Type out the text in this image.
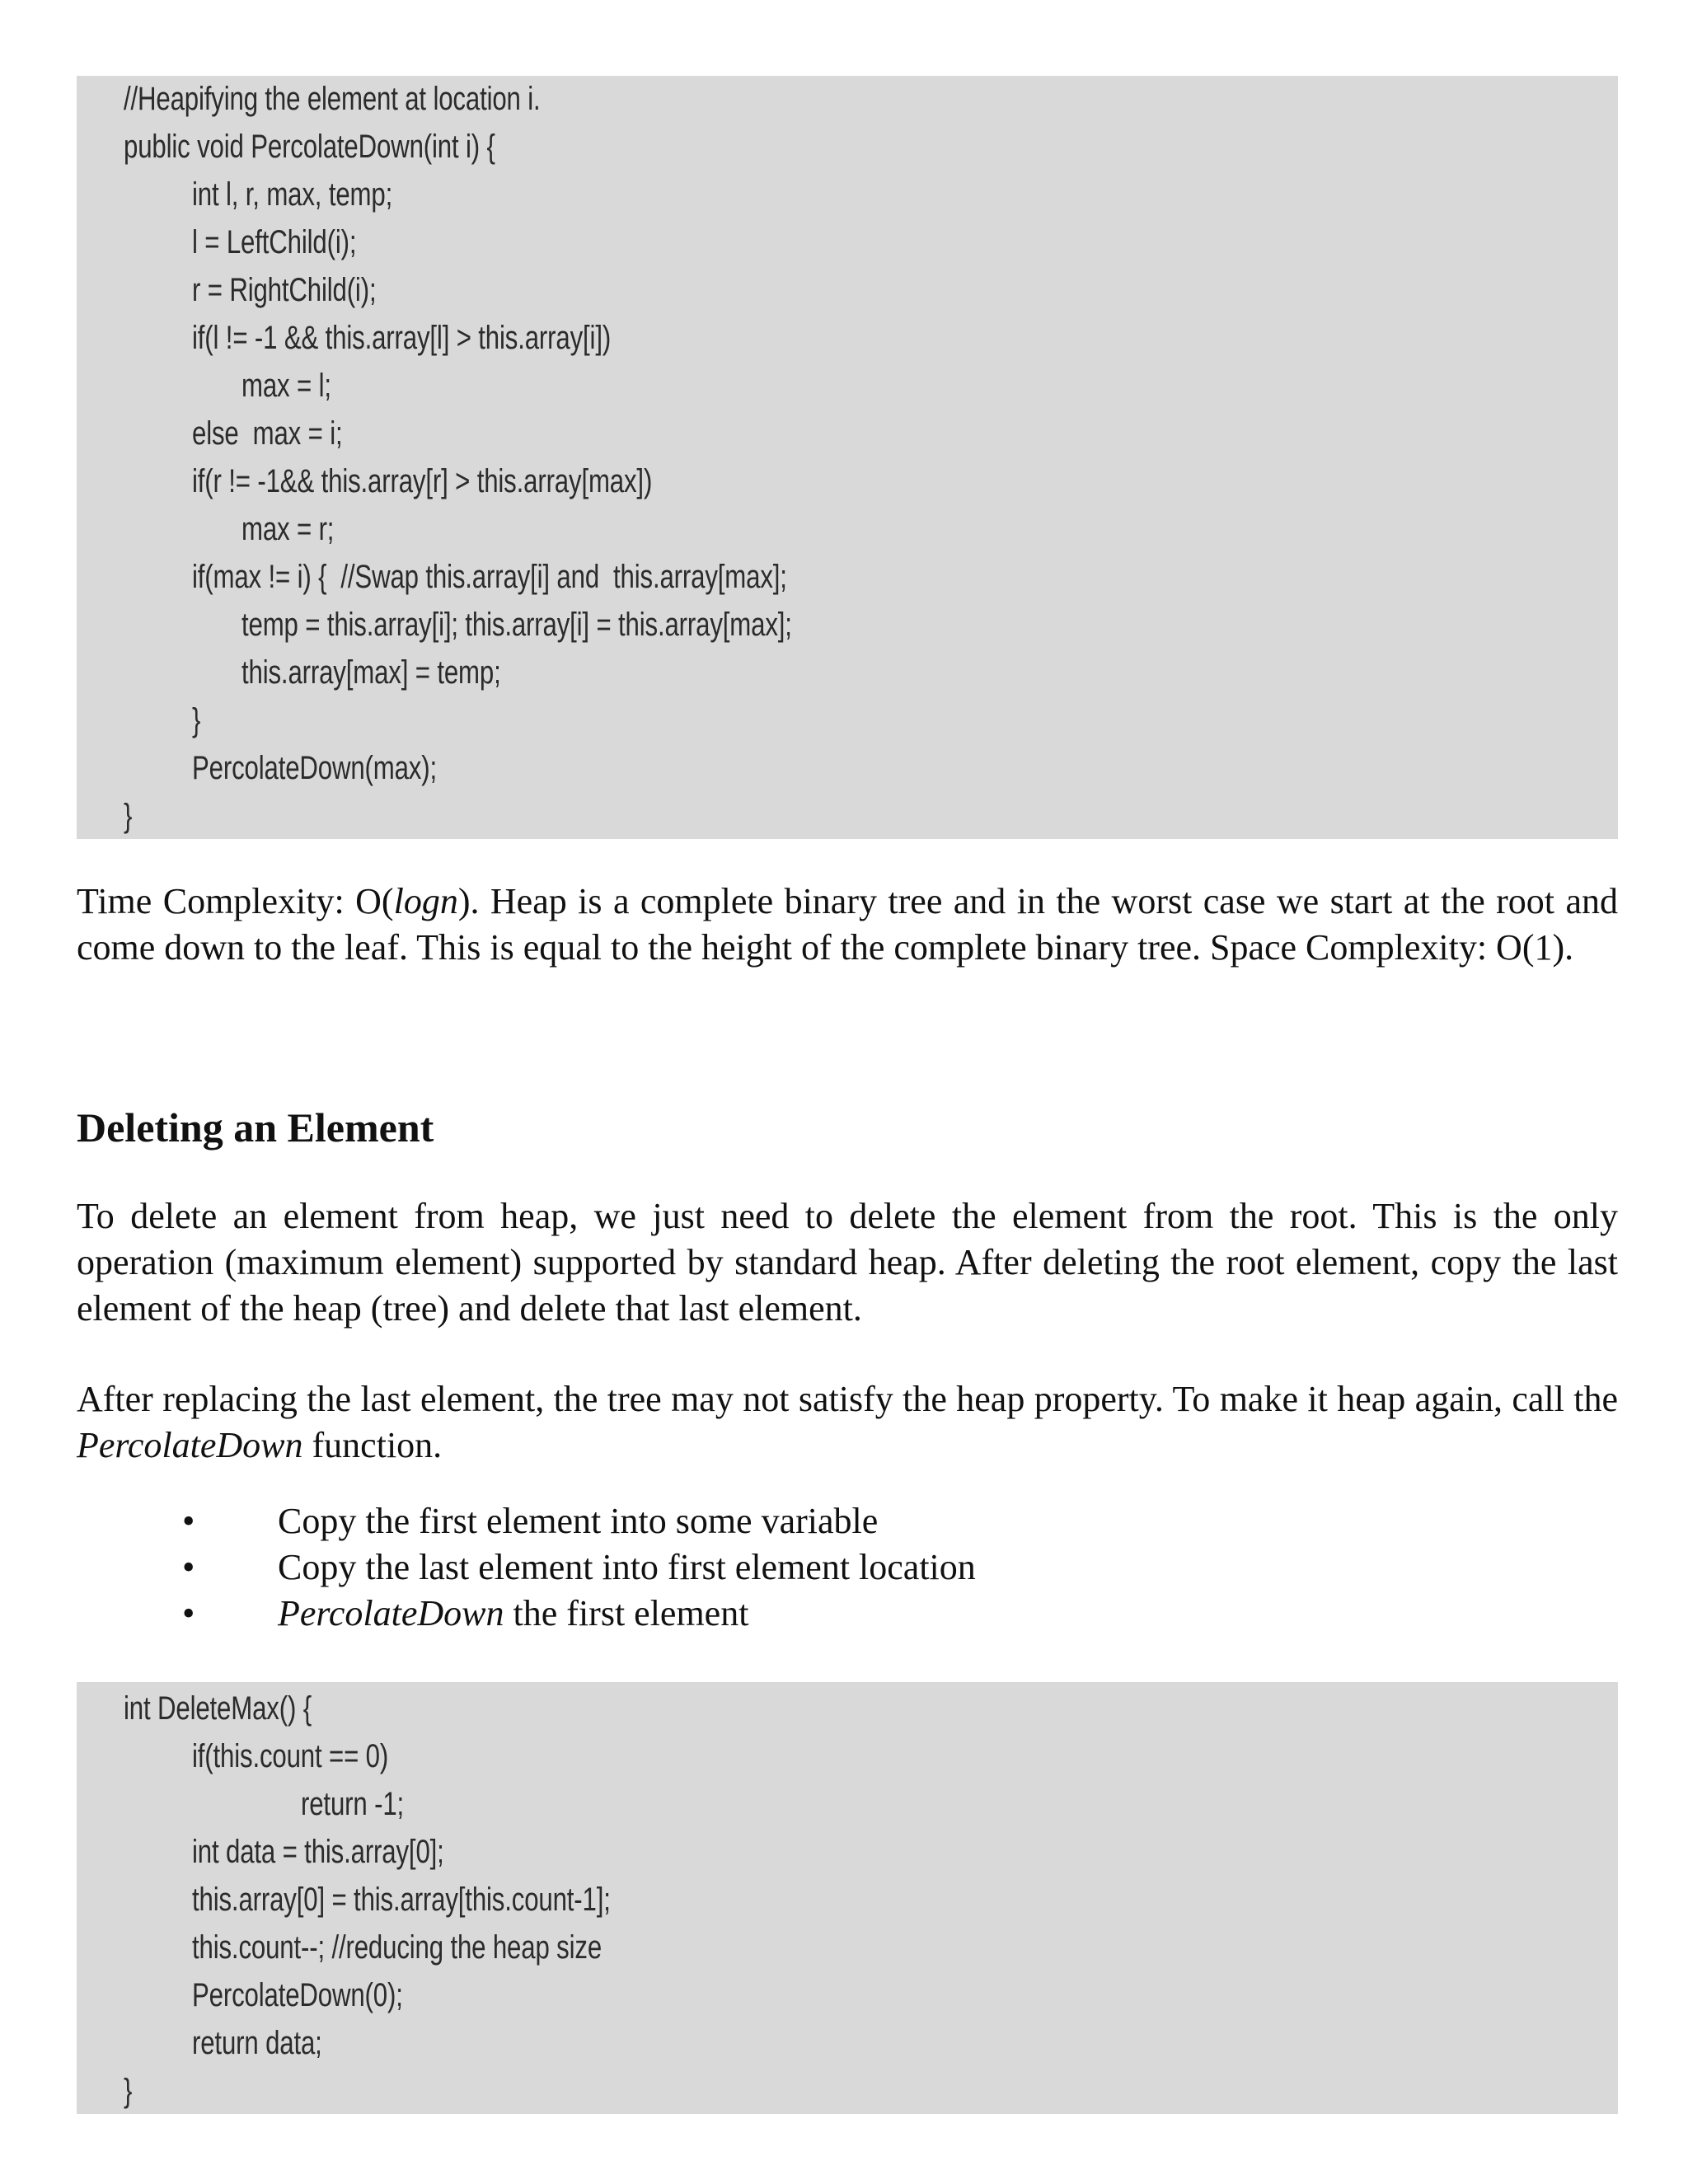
//Heapifying the element at location i.
public void PercolateDown(int i) {
int l, r, max, temp;
l = LeftChild(i);
r = RightChild(i);
if(l != -1 && this.array[l] > this.array[i])
max = l;
else  max = i;
if(r != -1&& this.array[r] > this.array[max])
max = r;
if(max != i) {  //Swap this.array[i] and  this.array[max];
temp = this.array[i]; this.array[i] = this.array[max];
this.array[max] = temp;
}
PercolateDown(max);
}

Time Complexity: O(logn). Heap is a complete binary tree and in the worst case we start at the root and come down to the leaf. This is equal to the height of the complete binary tree. Space Complexity: O(1).

Deleting an Element

To delete an element from heap, we just need to delete the element from the root. This is the only operation (maximum element) supported by standard heap. After deleting the root element, copy the last element of the heap (tree) and delete that last element.

After replacing the last element, the tree may not satisfy the heap property. To make it heap again, call the PercolateDown function.

• Copy the first element into some variable
• Copy the last element into first element location
• PercolateDown the first element
int DeleteMax() {
if(this.count == 0)
return -1;
int data = this.array[0];
this.array[0] = this.array[this.count-1];
this.count--; //reducing the heap size
PercolateDown(0);
return data;
}
